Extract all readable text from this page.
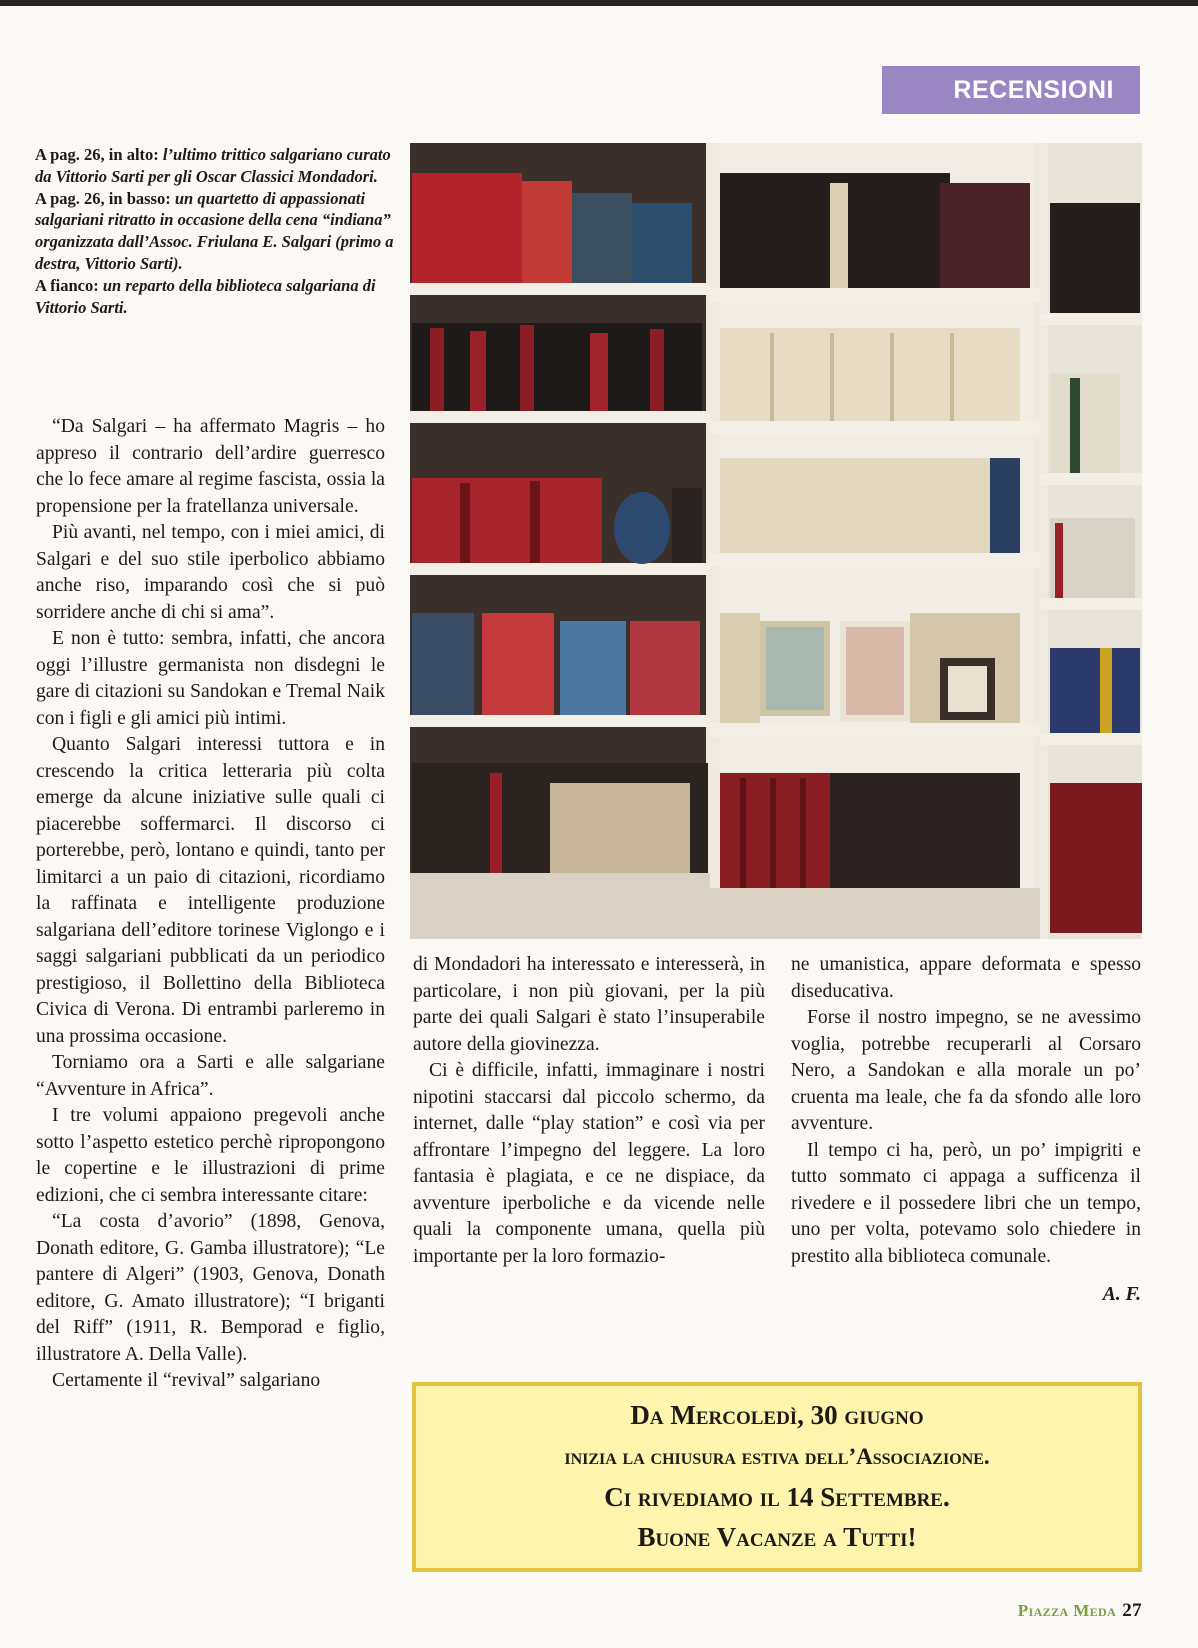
RECENSIONI

A pag. 26, in alto: l’ultimo trittico salgariano curato da Vittorio Sarti per gli Oscar Classici Mondadori.

A pag. 26, in basso: un quartetto di appassionati salgariani ritratto in occasione della cena “indiana” organizzata dall’Assoc. Friulana E. Salgari (primo a destra, Vittorio Sarti).

A fianco: un reparto della biblioteca salgariana di Vittorio Sarti.

“Da Salgari – ha affermato Magris – ho appreso il contrario dell’ardire guerresco che lo fece amare al regime fascista, ossia la propensione per la fratellanza universale.

Più avanti, nel tempo, con i miei amici, di Salgari e del suo stile iperbolico abbiamo anche riso, imparando così che si può sorridere anche di chi si ama”.

E non è tutto: sembra, infatti, che ancora oggi l’illustre germanista non disdegni le gare di citazioni su Sandokan e Tremal Naik con i figli e gli amici più intimi.

Quanto Salgari interessi tuttora e in crescendo la critica letteraria più colta emerge da alcune iniziative sulle quali ci piacerebbe soffermarci. Il discorso ci porterebbe, però, lontano e quindi, tanto per limitarci a un paio di citazioni, ricordiamo la raffinata e intelligente produzione salgariana dell’editore torinese Viglongo e i saggi salgariani pubblicati da un periodico prestigioso, il Bollettino della Biblioteca Civica di Verona. Di entrambi parleremo in una prossima occasione.

Torniamo ora a Sarti e alle salgariane “Avventure in Africa”.

I tre volumi appaiono pregevoli anche sotto l’aspetto estetico perchè ripropongono le copertine e le illustrazioni di prime edizioni, che ci sembra interessante citare:

“La costa d’avorio” (1898, Genova, Donath editore, G. Gamba illustratore); “Le pantere di Algeri” (1903, Genova, Donath editore, G. Amato illustratore); “I briganti del Riff” (1911, R. Bemporad e figlio, illustratore A. Della Valle).

Certamente il “revival” salgariano

di Mondadori ha interessato e interesserà, in particolare, i non più giovani, per la più parte dei quali Salgari è stato l’insuperabile autore della giovinezza.

Ci è difficile, infatti, immaginare i nostri nipotini staccarsi dal piccolo schermo, da internet, dalle “play station” e così via per affrontare l’impegno del leggere. La loro fantasia è plagiata, e ce ne dispiace, da avventure iperboliche e da vicende nelle quali la componente umana, quella più importante per la loro formazio-

ne umanistica, appare deformata e spesso diseducativa.

Forse il nostro impegno, se ne avessimo voglia, potrebbe recuperarli al Corsaro Nero, a Sandokan e alla morale un po’ cruenta ma leale, che fa da sfondo alle loro avventure.

Il tempo ci ha, però, un po’ impigriti e tutto sommato ci appaga a sufficenza il rivedere e il possedere libri che un tempo, uno per volta, potevamo solo chiedere in prestito alla biblioteca comunale.

A. F.

Da Mercoledì, 30 giugno
inizia la chiusura estiva dell’Associazione.
Ci rivediamo il 14 Settembre.
Buone Vacanze a Tutti!
Piazza Meda 27
